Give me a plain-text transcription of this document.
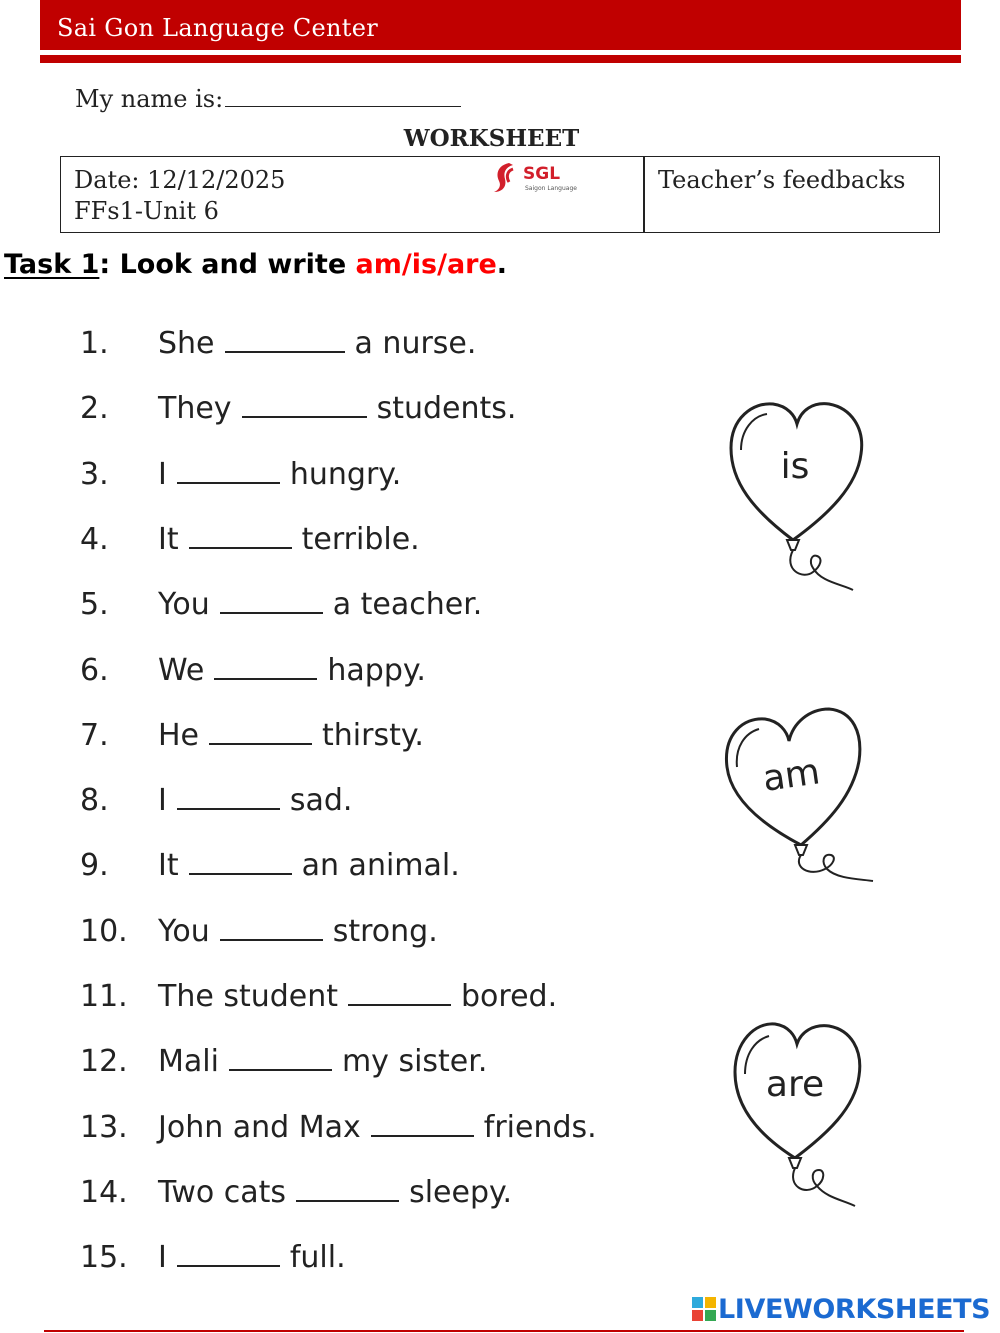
Sai Gon Language Center
My name is:
WORKSHEET
Date: 12/12/2025
FFs1-Unit 6
SGL
Saigon Language	Teacher’s feedbacks
Task 1: Look and write am/is/are.
1. She	a nurse.
2. They	students.
3. I	hungry.
4. It	terrible.
5. You	a teacher.
6. We	happy.
7. He	thirsty.
8. I	sad.
9. It	an animal.
10. You	strong.
11. The student	bored.
12. Mali	my sister.
13. John and Max	friends.
14. Two cats	sleepy.
15. I	full.
is
am
are
LIVEWORKSHEETS
